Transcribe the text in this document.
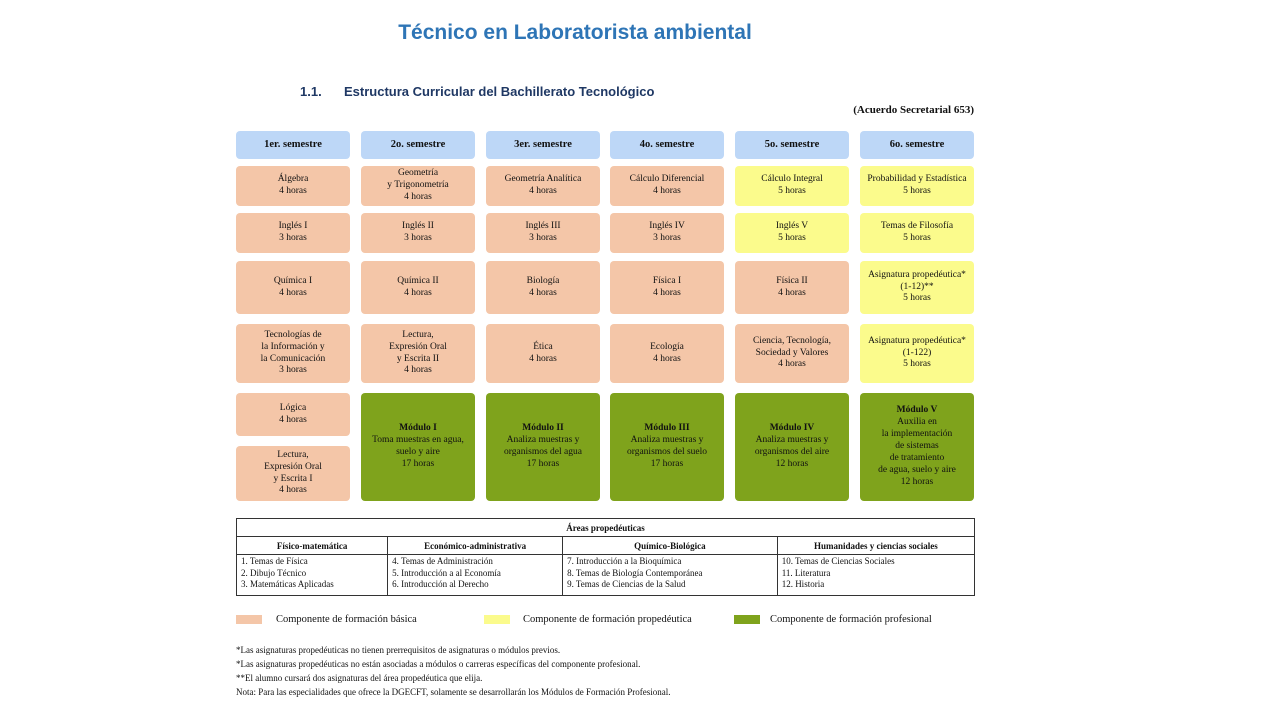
Técnico en Laboratorista ambiental
1.1. Estructura Curricular del Bachillerato Tecnológico
(Acuerdo Secretarial 653)
1er. semestre
Álgebra
4 horas
Inglés I
3 horas
Química I
4 horas
Tecnologías de
la Información y
la Comunicación
3 horas
Lógica
4 horas
Lectura,
Expresión Oral
y Escrita I
4 horas
2o. semestre
Geometría
y Trigonometría
4 horas
Inglés II
3 horas
Química II
4 horas
Lectura,
Expresión Oral
y Escrita II
4 horas
Módulo I
Toma muestras en agua,
suelo y aire
17 horas
3er. semestre
Geometría Analítica
4 horas
Inglés III
3 horas
Biología
4 horas
Ética
4 horas
Módulo II
Analiza muestras y
organismos del agua
17 horas
4o. semestre
Cálculo Diferencial
4 horas
Inglés IV
3 horas
Física I
4 horas
Ecología
4 horas
Módulo III
Analiza muestras y
organismos del suelo
17 horas
5o. semestre
Cálculo Integral
5 horas
Inglés V
5 horas
Física II
4 horas
Ciencia, Tecnología,
Sociedad y Valores
4 horas
Módulo IV
Analiza muestras y
organismos del aire
12 horas
6o. semestre
Probabilidad y Estadística
5 horas
Temas de Filosofía
5 horas
Asignatura propedéutica*
(1-12)**
5 horas
Asignatura propedéutica*
(1-122)
5 horas
Módulo V
Auxilia en
la implementación
de sistemas
de tratamiento
de agua, suelo y aire
12 horas
Áreas propedéuticas			
Físico-matemática	Económico-administrativa	Químico-Biológica	Humanidades y ciencias sociales

1. Temas de Física
2. Dibujo Técnico
3. Matemáticas Aplicadas	4. Temas de Administración
5. Introducción a al Economía
6. Introducción al Derecho	7. Introducción a la Bioquímica
8. Temas de Biología Contemporánea
9. Temas de Ciencias de la Salud	10. Temas de Ciencias Sociales
11. Literatura
12. Historia
Componente de formación básica	Componente de formación propedéutica	Componente de formación profesional
*Las asignaturas propedéuticas no tienen prerrequisitos de asignaturas o módulos previos.
*Las asignaturas propedéuticas no están asociadas a módulos o carreras específicas del componente profesional.
**El alumno cursará dos asignaturas del área propedéutica que elija.
Nota: Para las especialidades que ofrece la DGECFT, solamente se desarrollarán los Módulos de Formación Profesional.
